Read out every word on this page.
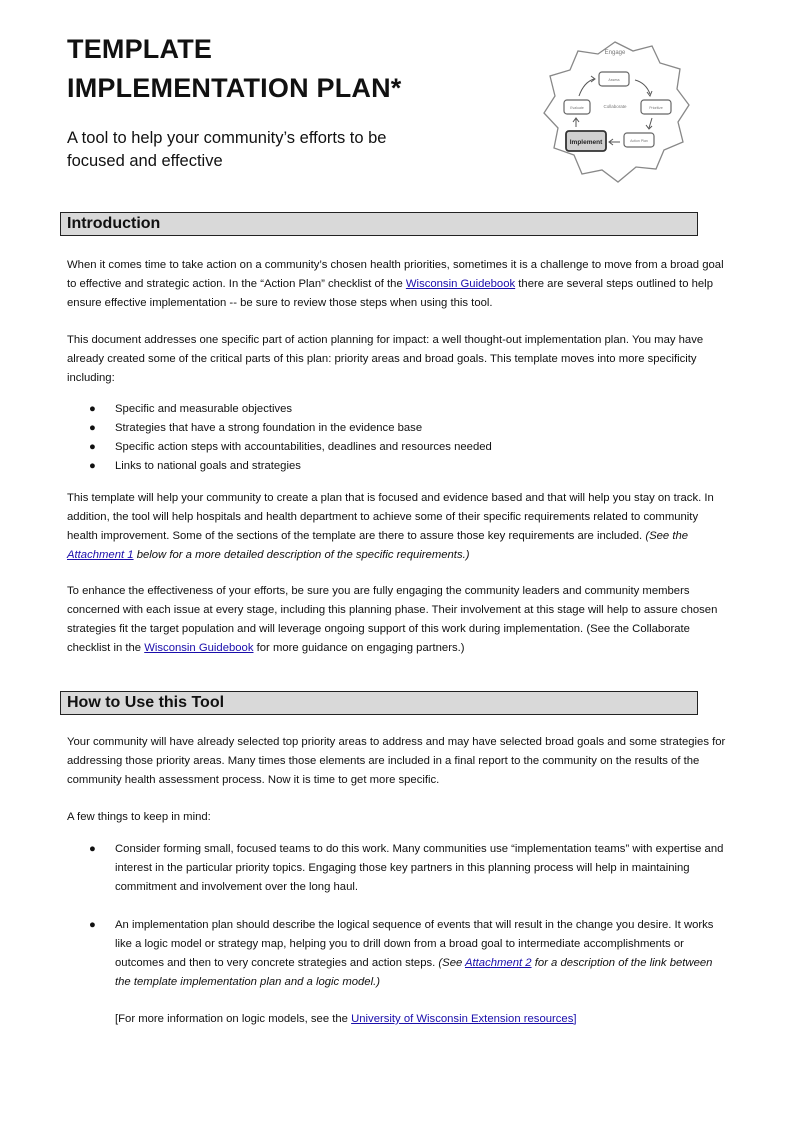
TEMPLATE
IMPLEMENTATION PLAN*

A tool to help your community’s efforts to be
focused and effective

Engage
Collaborate
Assess
Prioritize
Action Plan
Implement
Evaluate
Introduction

When it comes time to take action on a community’s chosen health priorities, sometimes it is a challenge to move from a broad goal to effective and strategic action. In the “Action Plan” checklist of the Wisconsin Guidebook there are several steps outlined to help ensure effective implementation -- be sure to review those steps when using this tool.

This document addresses one specific part of action planning for impact: a well thought-out implementation plan. You may have already created some of the critical parts of this plan: priority areas and broad goals. This template moves into more specificity including:

● Specific and measurable objectives
● Strategies that have a strong foundation in the evidence base
● Specific action steps with accountabilities, deadlines and resources needed
● Links to national goals and strategies

This template will help your community to create a plan that is focused and evidence based and that will help you stay on track. In addition, the tool will help hospitals and health department to achieve some of their specific requirements related to community health improvement. Some of the sections of the template are there to assure those key requirements are included. (See the Attachment 1 below for a more detailed description of the specific requirements.)

To enhance the effectiveness of your efforts, be sure you are fully engaging the community leaders and community members concerned with each issue at every stage, including this planning phase. Their involvement at this stage will help to assure chosen strategies fit the target population and will leverage ongoing support of this work during implementation. (See the Collaborate checklist in the Wisconsin Guidebook for more guidance on engaging partners.)

How to Use this Tool

Your community will have already selected top priority areas to address and may have selected broad goals and some strategies for addressing those priority areas. Many times those elements are included in a final report to the community on the results of the community health assessment process. Now it is time to get more specific.

A few things to keep in mind:

● Consider forming small, focused teams to do this work. Many communities use “implementation teams” with expertise and interest in the particular priority topics. Engaging those key partners in this planning process will help in maintaining commitment and involvement over the long haul.
● An implementation plan should describe the logical sequence of events that will result in the change you desire. It works like a logic model or strategy map, helping you to drill down from a broad goal to intermediate accomplishments or outcomes and then to very concrete strategies and action steps. (See Attachment 2 for a description of the link between the template implementation plan and a logic model.)

[For more information on logic models, see the University of Wisconsin Extension resources]
